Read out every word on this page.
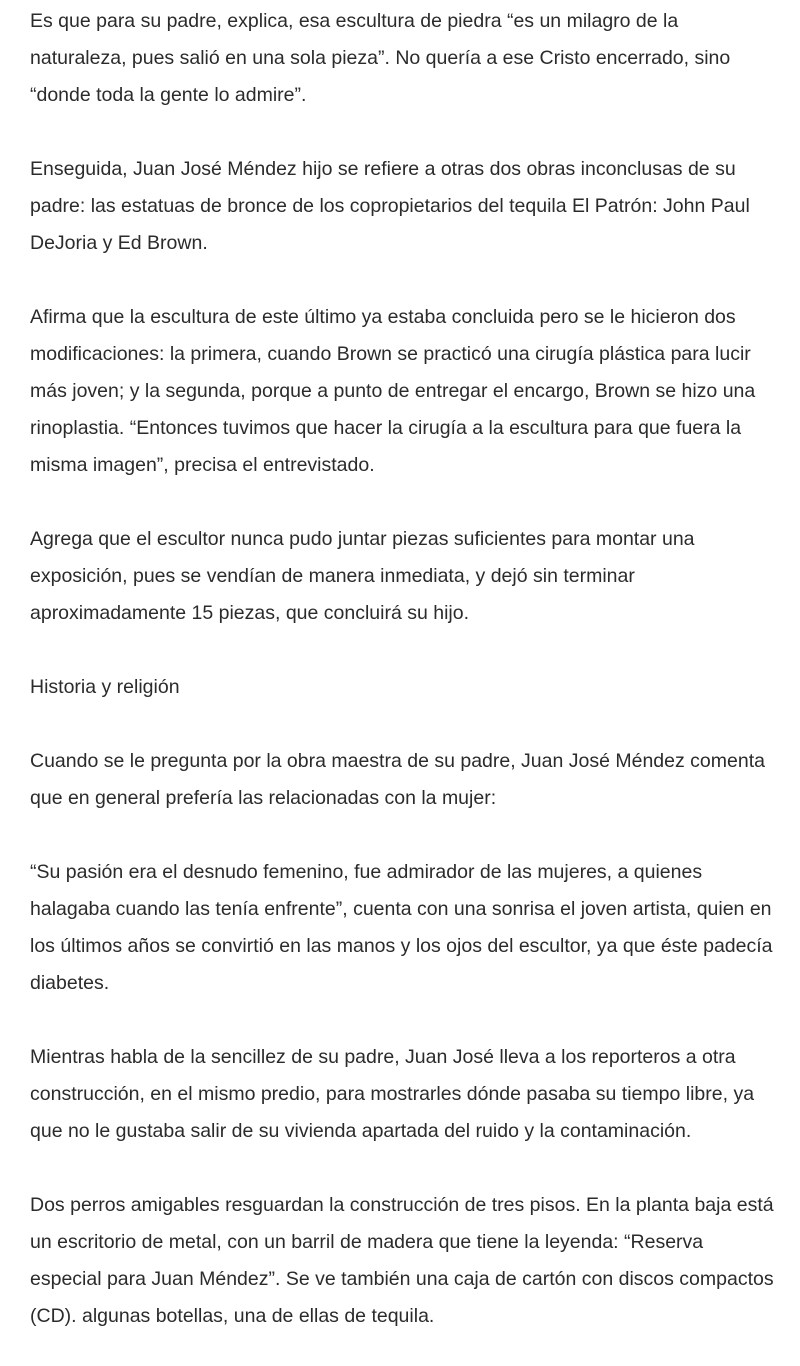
Es que para su padre, explica, esa escultura de piedra “es un milagro de la naturaleza, pues salió en una sola pieza”. No quería a ese Cristo encerrado, sino “donde toda la gente lo admire”.

Enseguida, Juan José Méndez hijo se refiere a otras dos obras inconclusas de su padre: las estatuas de bronce de los copropietarios del tequila El Patrón: John Paul DeJoria y Ed Brown.

Afirma que la escultura de este último ya estaba concluida pero se le hicieron dos modificaciones: la primera, cuando Brown se practicó una cirugía plástica para lucir más joven; y la segunda, porque a punto de entregar el encargo, Brown se hizo una rinoplastia. “Entonces tuvimos que hacer la cirugía a la escultura para que fuera la misma imagen”, precisa el entrevistado.

Agrega que el escultor nunca pudo juntar piezas suficientes para montar una exposición, pues se vendían de manera inmediata, y dejó sin terminar aproximadamente 15 piezas, que concluirá su hijo.

Historia y religión

Cuando se le pregunta por la obra maestra de su padre, Juan José Méndez comenta que en general prefería las relacionadas con la mujer:

“Su pasión era el desnudo femenino, fue admirador de las mujeres, a quienes halagaba cuando las tenía enfrente”, cuenta con una sonrisa el joven artista, quien en los últimos años se convirtió en las manos y los ojos del escultor, ya que éste padecía diabetes.

Mientras habla de la sencillez de su padre, Juan José lleva a los reporteros a otra construcción, en el mismo predio, para mostrarles dónde pasaba su tiempo libre, ya que no le gustaba salir de su vivienda apartada del ruido y la contaminación.

Dos perros amigables resguardan la construcción de tres pisos. En la planta baja está un escritorio de metal, con un barril de madera que tiene la leyenda: “Reserva especial para Juan Méndez”. Se ve también una caja de cartón con discos compactos (CD). algunas botellas, una de ellas de tequila.
